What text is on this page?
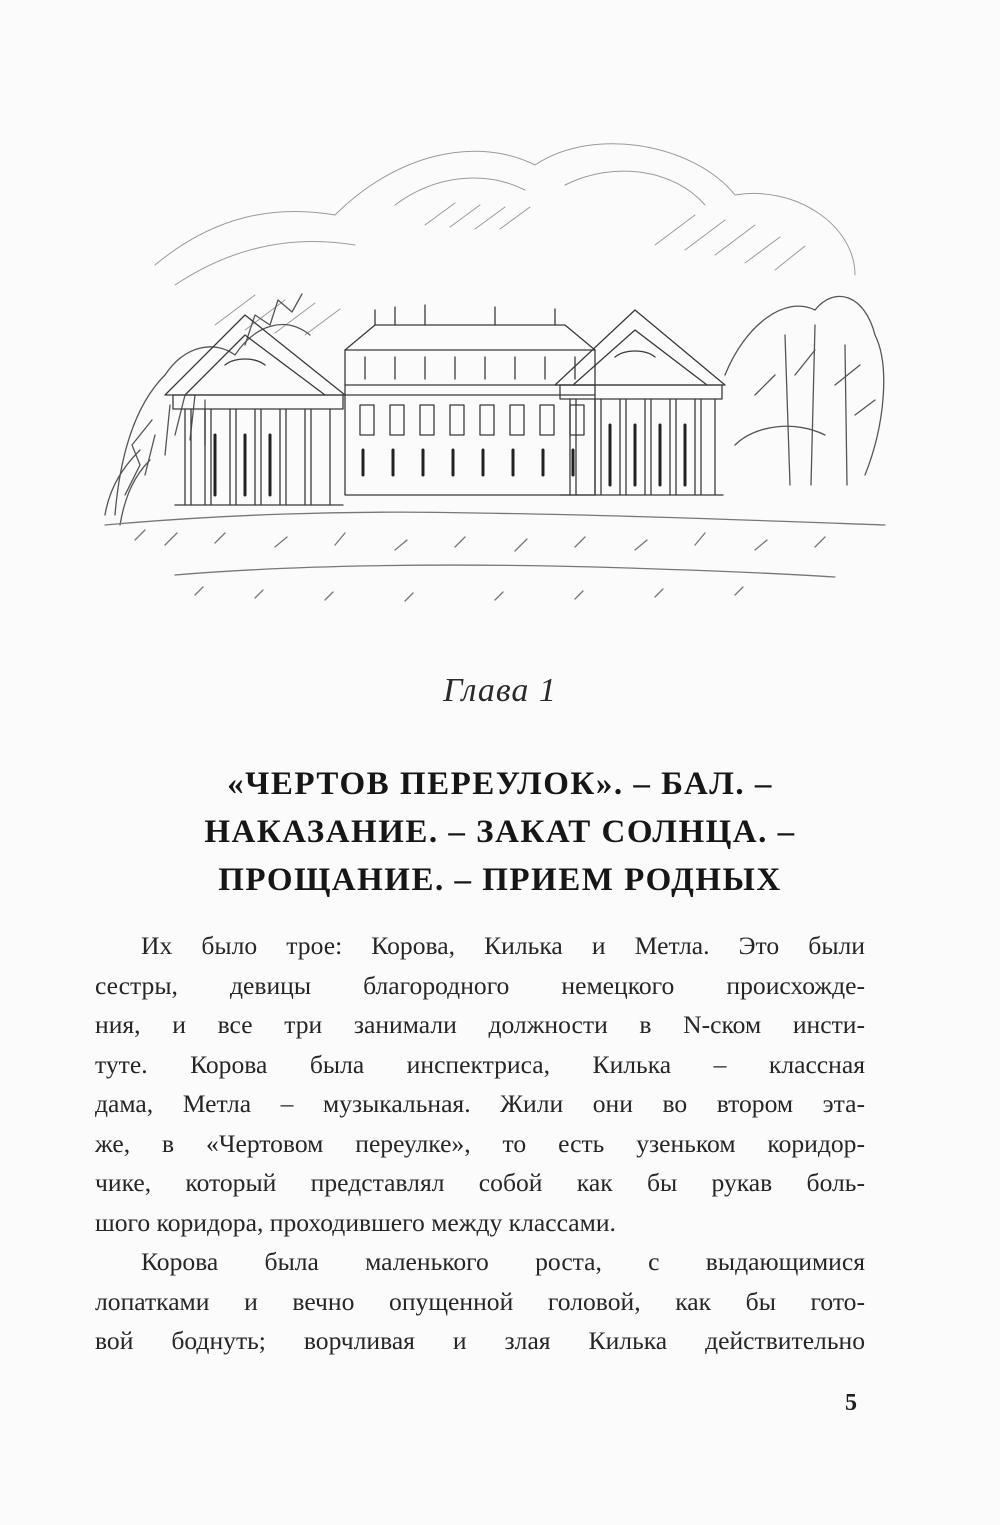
Глава 1
«ЧЕРТОВ ПЕРЕУЛОК». – БАЛ. –
НАКАЗАНИЕ. – ЗАКАТ СОЛНЦА. –
ПРОЩАНИЕ. – ПРИЕМ РОДНЫХ
Их было трое: Корова, Килька и Метла. Это были
сестры, девицы благородного немецкого происхожде-
ния, и все три занимали должности в N-ском инсти-
туте. Корова была инспектриса, Килька – классная
дама, Метла – музыкальная. Жили они во втором эта-
же, в «Чертовом переулке», то есть узеньком коридор-
чике, который представлял собой как бы рукав боль-
шого коридора, проходившего между классами.
Корова была маленького роста, с выдающимися
лопатками и вечно опущенной головой, как бы гото-
вой боднуть; ворчливая и злая Килька действительно
5
